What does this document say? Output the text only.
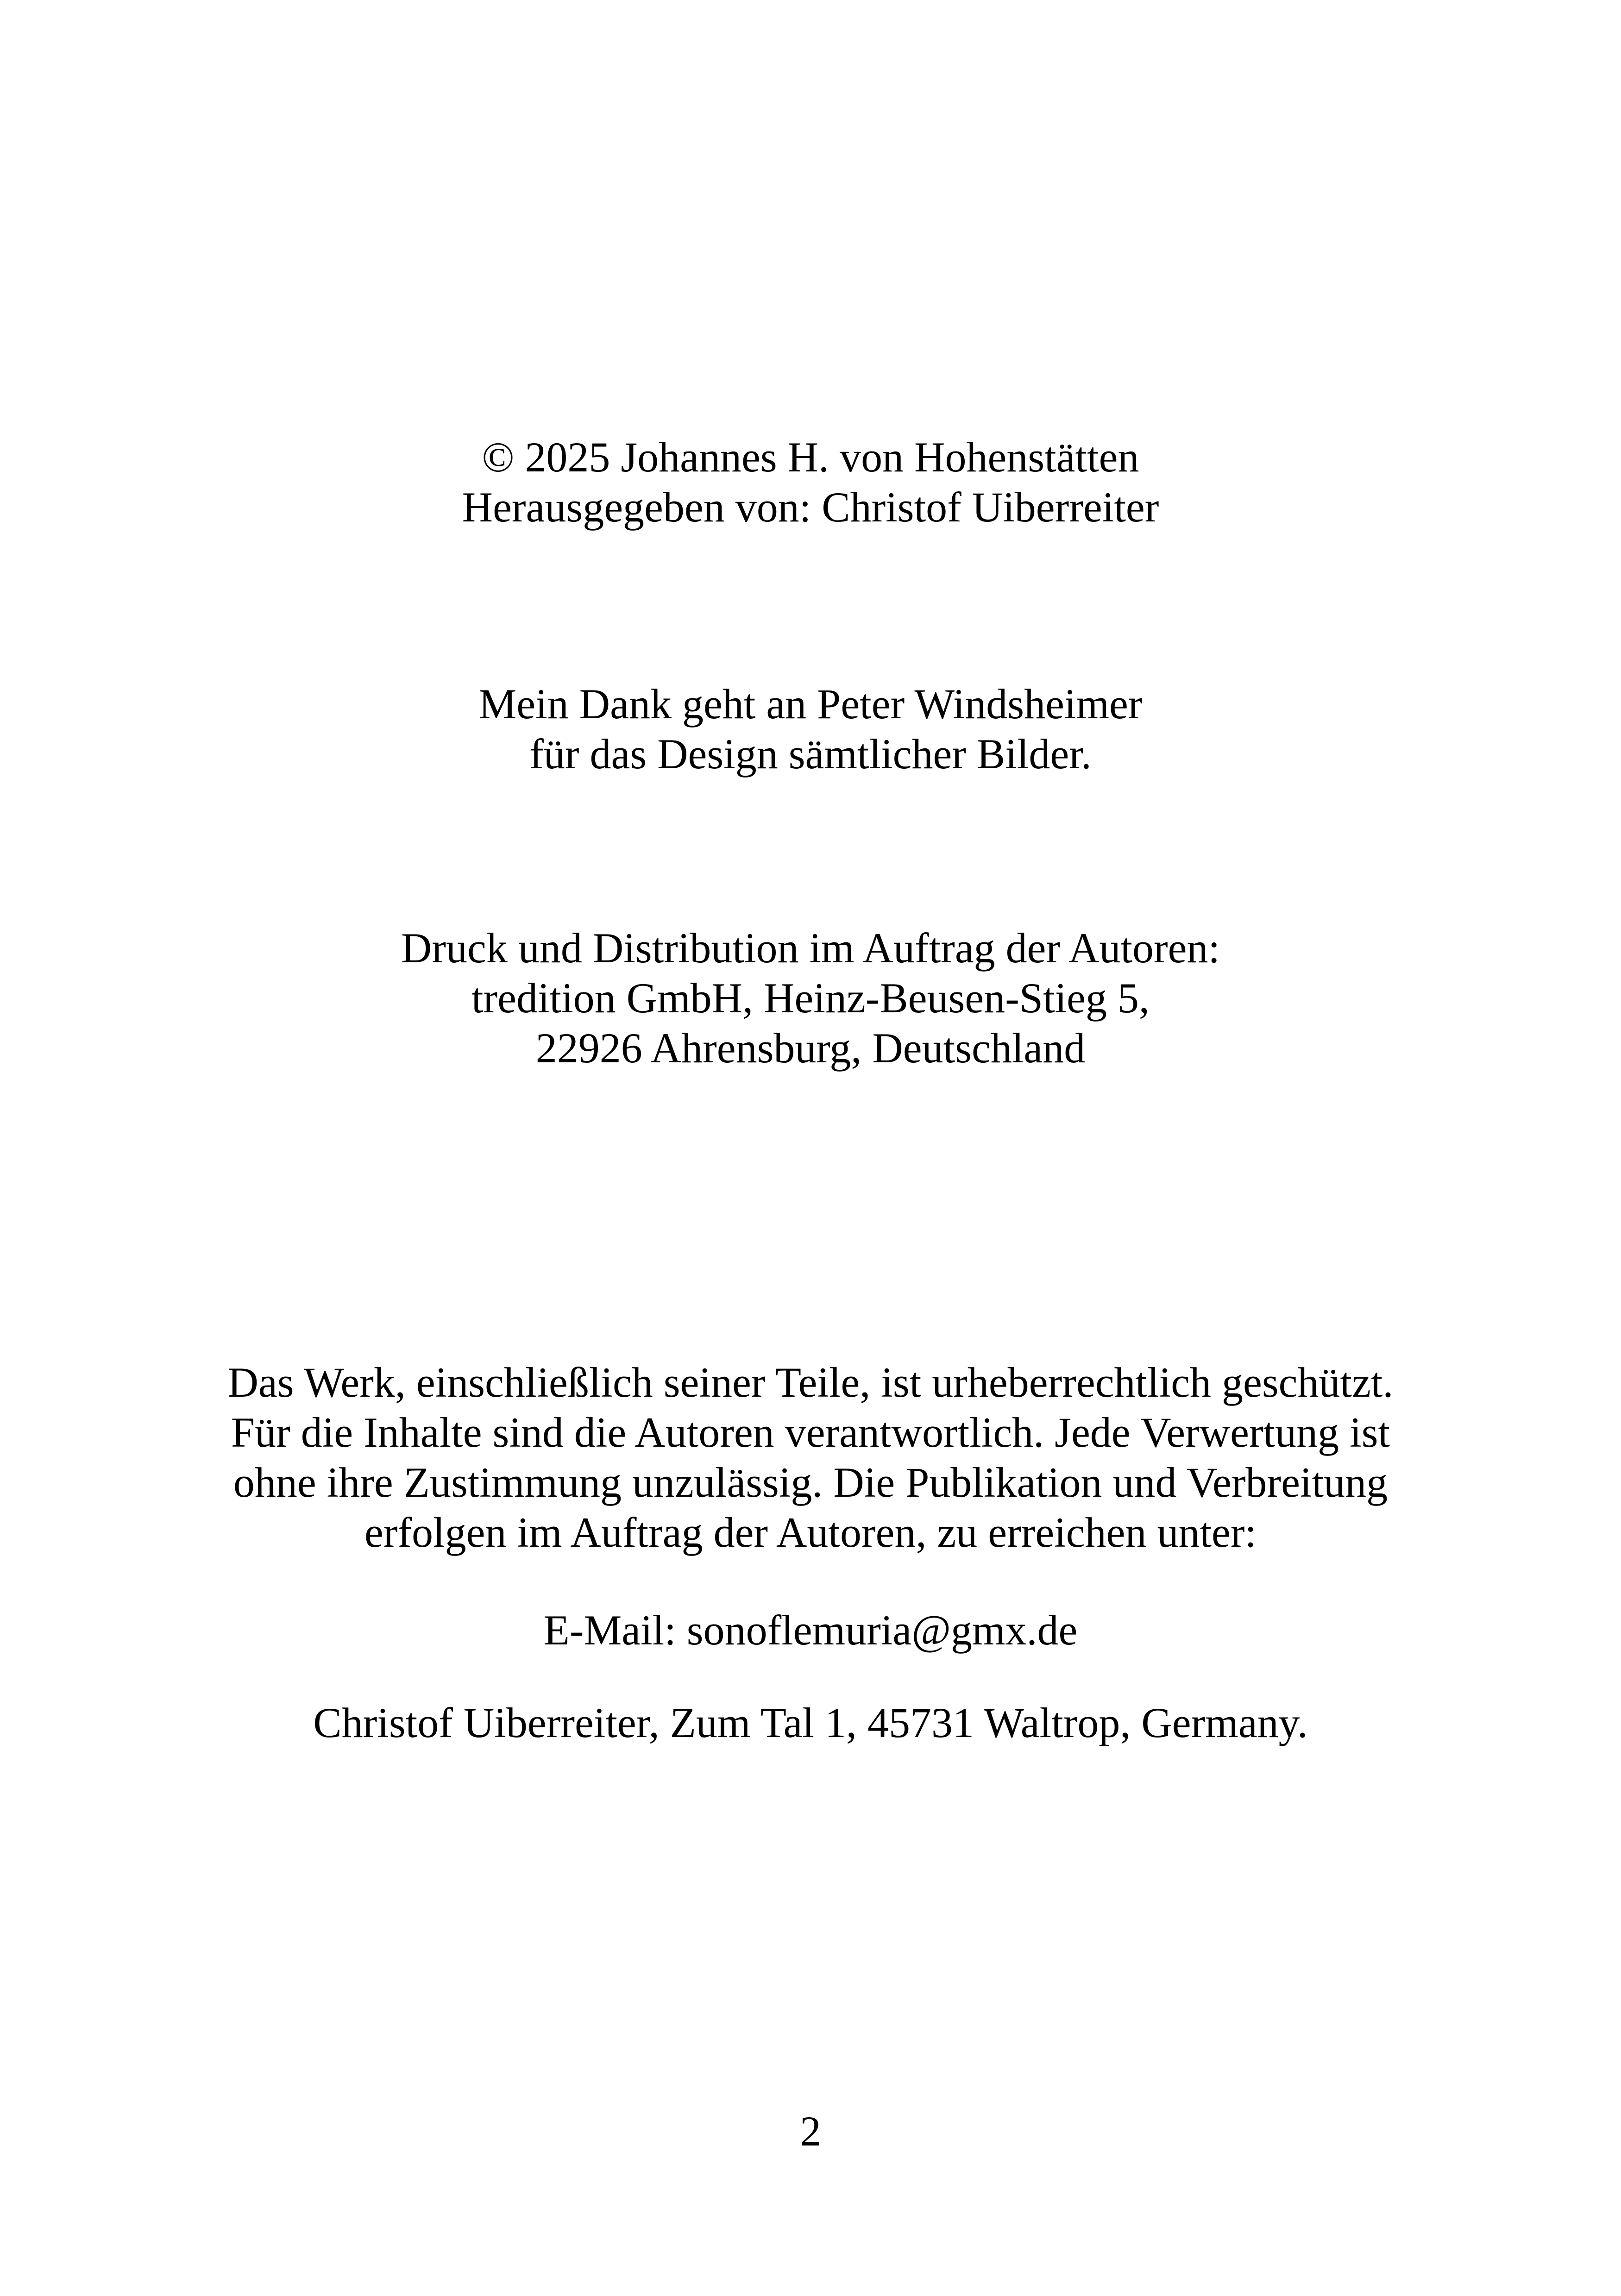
© 2025 Johannes H. von Hohenstätten
Herausgegeben von: Christof Uiberreiter
Mein Dank geht an Peter Windsheimer
für das Design sämtlicher Bilder.
Druck und Distribution im Auftrag der Autoren:
tredition GmbH, Heinz-Beusen-Stieg 5,
22926 Ahrensburg, Deutschland
Das Werk, einschließlich seiner Teile, ist urheberrechtlich geschützt.
Für die Inhalte sind die Autoren verantwortlich. Jede Verwertung ist
ohne ihre Zustimmung unzulässig. Die Publikation und Verbreitung
erfolgen im Auftrag der Autoren, zu erreichen unter:
E-Mail: sonoflemuria@gmx.de
Christof Uiberreiter, Zum Tal 1, 45731 Waltrop, Germany.
2
